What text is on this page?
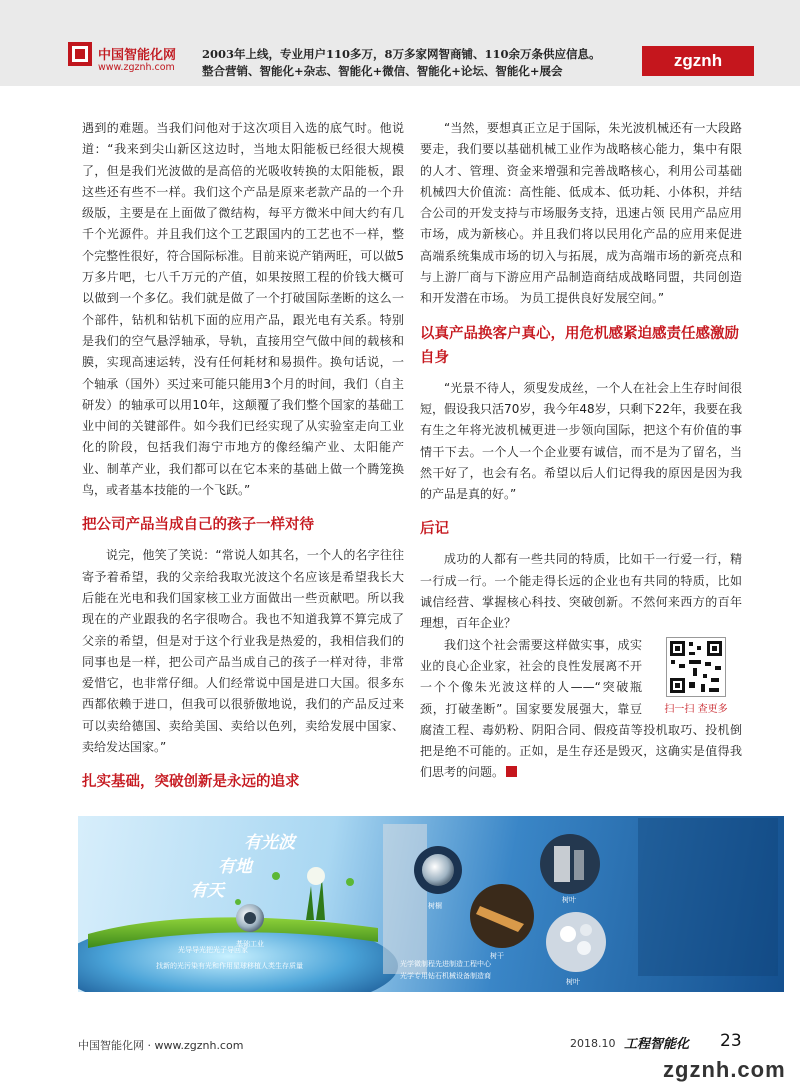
中国智能化网
www.zgznh.com
2003年上线，专业用户110多万，8万多家网智商铺、110余万条供应信息。
整合营销、智能化+杂志、智能化+微信、智能化+论坛、智能化+展会
zgznh

遇到的难题。当我们问他对于这次项目入选的底气时。他说道：“我来到尖山新区这边时，当地太阳能板已经很大规模了，但是我们光波做的是高倍的光吸收转换的太阳能板，跟这些还有些不一样。我们这个产品是原来老款产品的一个升级版，主要是在上面做了微结构，每平方微米中间大约有几千个光源件。并且我们这个工艺跟国内的工艺也不一样，整个完整性很好，符合国际标准。目前来说产销两旺，可以做5万多片吧，七八千万元的产值，如果按照工程的价钱大概可以做到一个多亿。我们就是做了一个打破国际垄断的这么一个部件，钻机和钻机下面的应用产品，跟光电有关系。特别是我们的空气悬浮轴承，导轨，直接用空气做中间的载核和膜，实现高速运转，没有任何耗材和易损件。换句话说，一个轴承（国外）买过来可能只能用3个月的时间，我们（自主研发）的轴承可以用10年，这颠覆了我们整个国家的基础工业中间的关键部件。如今我们已经实现了从实验室走向工业化的阶段，包括我们海宁市地方的像经编产业、太阳能产业、制革产业，我们都可以在它本来的基础上做一个腾笼换鸟，或者基本技能的一个飞跃。”

把公司产品当成自己的孩子一样对待

说完，他笑了笑说：“常说人如其名，一个人的名字往往寄予着希望，我的父亲给我取光波这个名应该是希望我长大后能在光电和我们国家核工业方面做出一些贡献吧。所以我现在的产业跟我的名字很吻合。我也不知道我算不算完成了父亲的希望，但是对于这个行业我是热爱的，我相信我们的同事也是一样，把公司产品当成自己的孩子一样对待，非常爱惜它，也非常仔细。人们经常说中国是进口大国。很多东西都依赖于进口，但我可以很骄傲地说，我们的产品反过来可以卖给德国、卖给美国、卖给以色列，卖给发展中国家、卖给发达国家。”

扎实基础，突破创新是永远的追求

“当然，要想真正立足于国际，朱光波机械还有一大段路要走，我们要以基础机械工业作为战略核心能力，集中有限的人才、管理、资金来增强和完善战略核心，利用公司基础机械四大价值流：高性能、低成本、低功耗、小体积，并结合公司的开发支持与市场服务支持，迅速占领 民用产品应用市场，成为新核心。并且我们将以民用化产品的应用来促进高端系统集成市场的切入与拓展，成为高端市场的新亮点和与上游厂商与下游应用产品制造商结成战略同盟，共同创造和开发潜在市场。 为员工提供良好发展空间。”

以真产品换客户真心，用危机感紧迫感责任感激励自身

“光景不待人，须叟发成丝，一个人在社会上生存时间很短，假设我只活70岁，我今年48岁，只剩下22年，我要在我有生之年将光波机械更进一步领向国际，把这个有价值的事情干下去。一个人一个企业要有诚信，而不是为了留名，当然干好了，也会有名。希望以后人们记得我的原因是因为我的产品是真的好。”

后记

成功的人都有一些共同的特质，比如干一行爱一行，精一行成一行。一个能走得长远的企业也有共同的特质，比如诚信经营、掌握核心科技、突破创新。不然何来西方的百年理想，百年企业？

扫一扫 查更多

我们这个社会需要这样做实事，成实业的良心企业家，社会的良性发展离不开一个个像朱光波这样的人——“突破瓶颈，打破垄断”。国家要发展强大，靠豆腐渣工程、毒奶粉、阴阳合同、假疫苗等投机取巧、投机倒把是绝不可能的。正如，是生存还是毁灭，这确实是值得我们思考的问题。

有光波
有地
有天
光导导光把光子导回家
找新的光污染有光和作用星球移植人类生存质量
基础工业
树榍
树干
树叶
树叶
光学微制程先进制造工程中心
光学专用钻石机械设备制造商
中国智能化网 · www.zgznh.com	2018.10 工程智能化 23
zgznh.com
